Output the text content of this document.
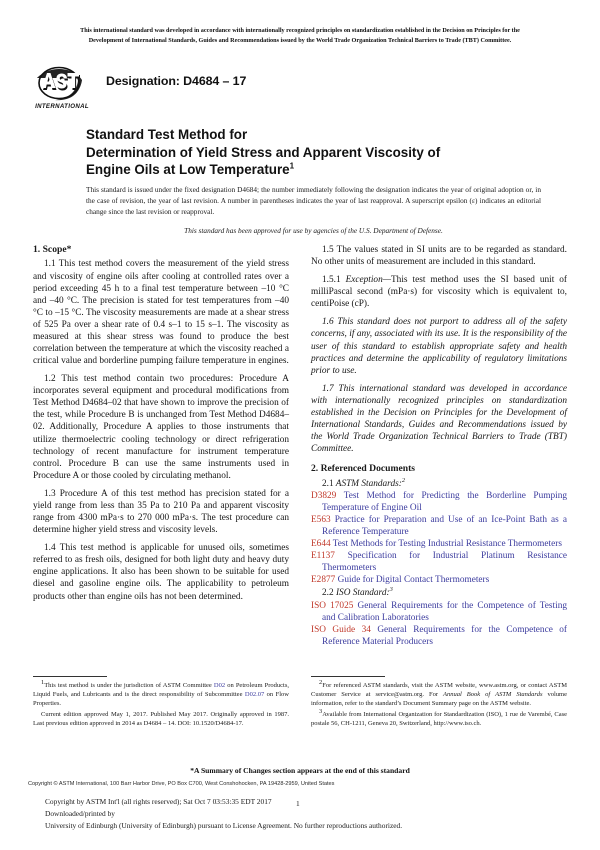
This international standard was developed in accordance with internationally recognized principles on standardization established in the Decision on Principles for the
Development of International Standards, Guides and Recommendations issued by the World Trade Organization Technical Barriers to Trade (TBT) Committee.
INTERNATIONAL
Designation: D4684 – 17
Standard Test Method for
Determination of Yield Stress and Apparent Viscosity of
Engine Oils at Low Temperature$^1$
This standard is issued under the fixed designation D4684; the number immediately following the designation indicates the year of original adoption or, in the case of revision, the year of last revision. A number in parentheses indicates the year of last reapproval. A superscript epsilon (ε) indicates an editorial change since the last revision or reapproval.
This standard has been approved for use by agencies of the U.S. Department of Defense.
1. Scope*

1.1 This test method covers the measurement of the yield stress and viscosity of engine oils after cooling at controlled rates over a period exceeding 45 h to a final test temperature between –10 °C and –40 °C. The precision is stated for test temperatures from –40 °C to –15 °C. The viscosity measurements are made at a shear stress of 525 Pa over a shear rate of 0.4 s–1 to 15 s–1. The viscosity as measured at this shear stress was found to produce the best correlation between the temperature at which the viscosity reached a critical value and borderline pumping failure temperature in engines.

1.2 This test method contain two procedures: Procedure A incorporates several equipment and procedural modifications from Test Method D4684–02 that have shown to improve the precision of the test, while Procedure B is unchanged from Test Method D4684–02. Additionally, Procedure A applies to those instruments that utilize thermoelectric cooling technology or direct refrigeration technology of recent manufacture for instrument temperature control. Procedure B can use the same instruments used in Procedure A or those cooled by circulating methanol.

1.3 Procedure A of this test method has precision stated for a yield range from less than 35 Pa to 210 Pa and apparent viscosity range from 4300 mPa·s to 270 000 mPa·s. The test procedure can determine higher yield stress and viscosity levels.

1.4 This test method is applicable for unused oils, sometimes referred to as fresh oils, designed for both light duty and heavy duty engine applications. It also has been shown to be suitable for used diesel and gasoline engine oils. The applicability to petroleum products other than engine oils has not been determined.

1.5 The values stated in SI units are to be regarded as standard. No other units of measurement are included in this standard.

1.5.1 Exception—This test method uses the SI based unit of milliPascal second (mPa·s) for viscosity which is equivalent to, centiPoise (cP).

1.6 This standard does not purport to address all of the safety concerns, if any, associated with its use. It is the responsibility of the user of this standard to establish appropriate safety and health practices and determine the applicability of regulatory limitations prior to use.

1.7 This international standard was developed in accordance with internationally recognized principles on standardization established in the Decision on Principles for the Development of International Standards, Guides and Recommendations issued by the World Trade Organization Technical Barriers to Trade (TBT) Committee.

2. Referenced Documents
2.1 ASTM Standards:$^2$
D3829 Test Method for Predicting the Borderline Pumping Temperature of Engine Oil
E563 Practice for Preparation and Use of an Ice-Point Bath as a Reference Temperature
E644 Test Methods for Testing Industrial Resistance Thermometers
E1137 Specification for Industrial Platinum Resistance Thermometers
E2877 Guide for Digital Contact Thermometers
2.2 ISO Standard:$^3$
ISO 17025 General Requirements for the Competence of Testing and Calibration Laboratories
ISO Guide 34 General Requirements for the Competence of Reference Material Producers

$^1$This test method is under the jurisdiction of ASTM Committee D02 on Petroleum Products, Liquid Fuels, and Lubricants and is the direct responsibility of Subcommittee D02.07 on Flow Properties.

Current edition approved May 1, 2017. Published May 2017. Originally approved in 1987. Last previous edition approved in 2014 as D4684 – 14. DOI: 10.1520/D4684-17.

$^2$For referenced ASTM standards, visit the ASTM website, www.astm.org, or contact ASTM Customer Service at service@astm.org. For Annual Book of ASTM Standards volume information, refer to the standard’s Document Summary page on the ASTM website.

$^3$Available from International Organization for Standardization (ISO), 1 rue de Varembé, Case postale 56, CH-1211, Geneva 20, Switzerland, http://www.iso.ch.

*A Summary of Changes section appears at the end of this standard
Copyright © ASTM International, 100 Barr Harbor Drive, PO Box C700, West Conshohocken, PA 19428-2959, United States
Copyright by ASTM Int'l (all rights reserved); Sat Oct 7 03:53:35 EDT 2017
Downloaded/printed by
University of Edinburgh (University of Edinburgh) pursuant to License Agreement. No further reproductions authorized.
1
